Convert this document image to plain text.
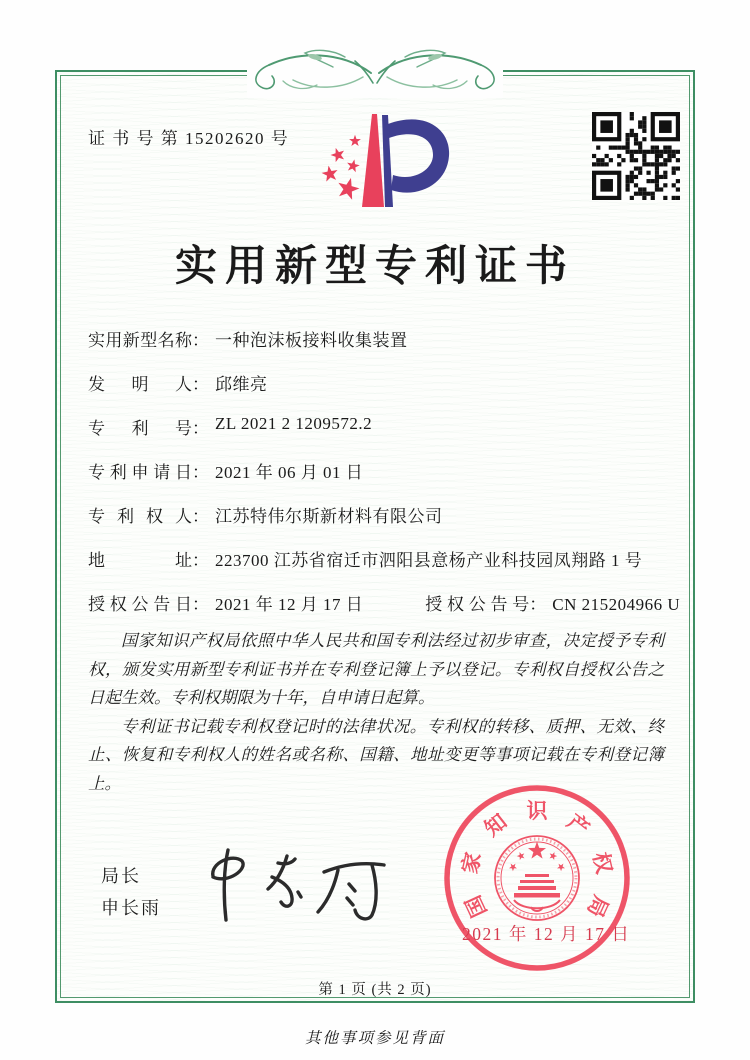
证 书 号 第 15202620 号
实用新型专利证书
实用新型名称 ： 一种泡沫板接料收集装置
发明人 ： 邱维亮
专利号 ： ZL 2021 2 1209572.2
专利申请日 ： 2021 年 06 月 01 日
专利权人 ： 江苏特伟尔斯新材料有限公司
地址 ： 223700 江苏省宿迁市泗阳县意杨产业科技园凤翔路 1 号
授权公告日： 2021 年 12 月 17 日	授权公告号： CN 215204966 U

国家知识产权局依照中华人民共和国专利法经过初步审查，决定授予专利权，颁发实用新型专利证书并在专利登记簿上予以登记。专利权自授权公告之日起生效。专利权期限为十年，自申请日起算。

专利证书记载专利权登记时的法律状况。专利权的转移、质押、无效、终止、恢复和专利权人的姓名或名称、国籍、地址变更等事项记载在专利登记簿上。

局长
申长雨	国
家
知 识 产
权
局
2021 年 12 月 17 日
第 1 页 (共 2 页)
其他事项参见背面
